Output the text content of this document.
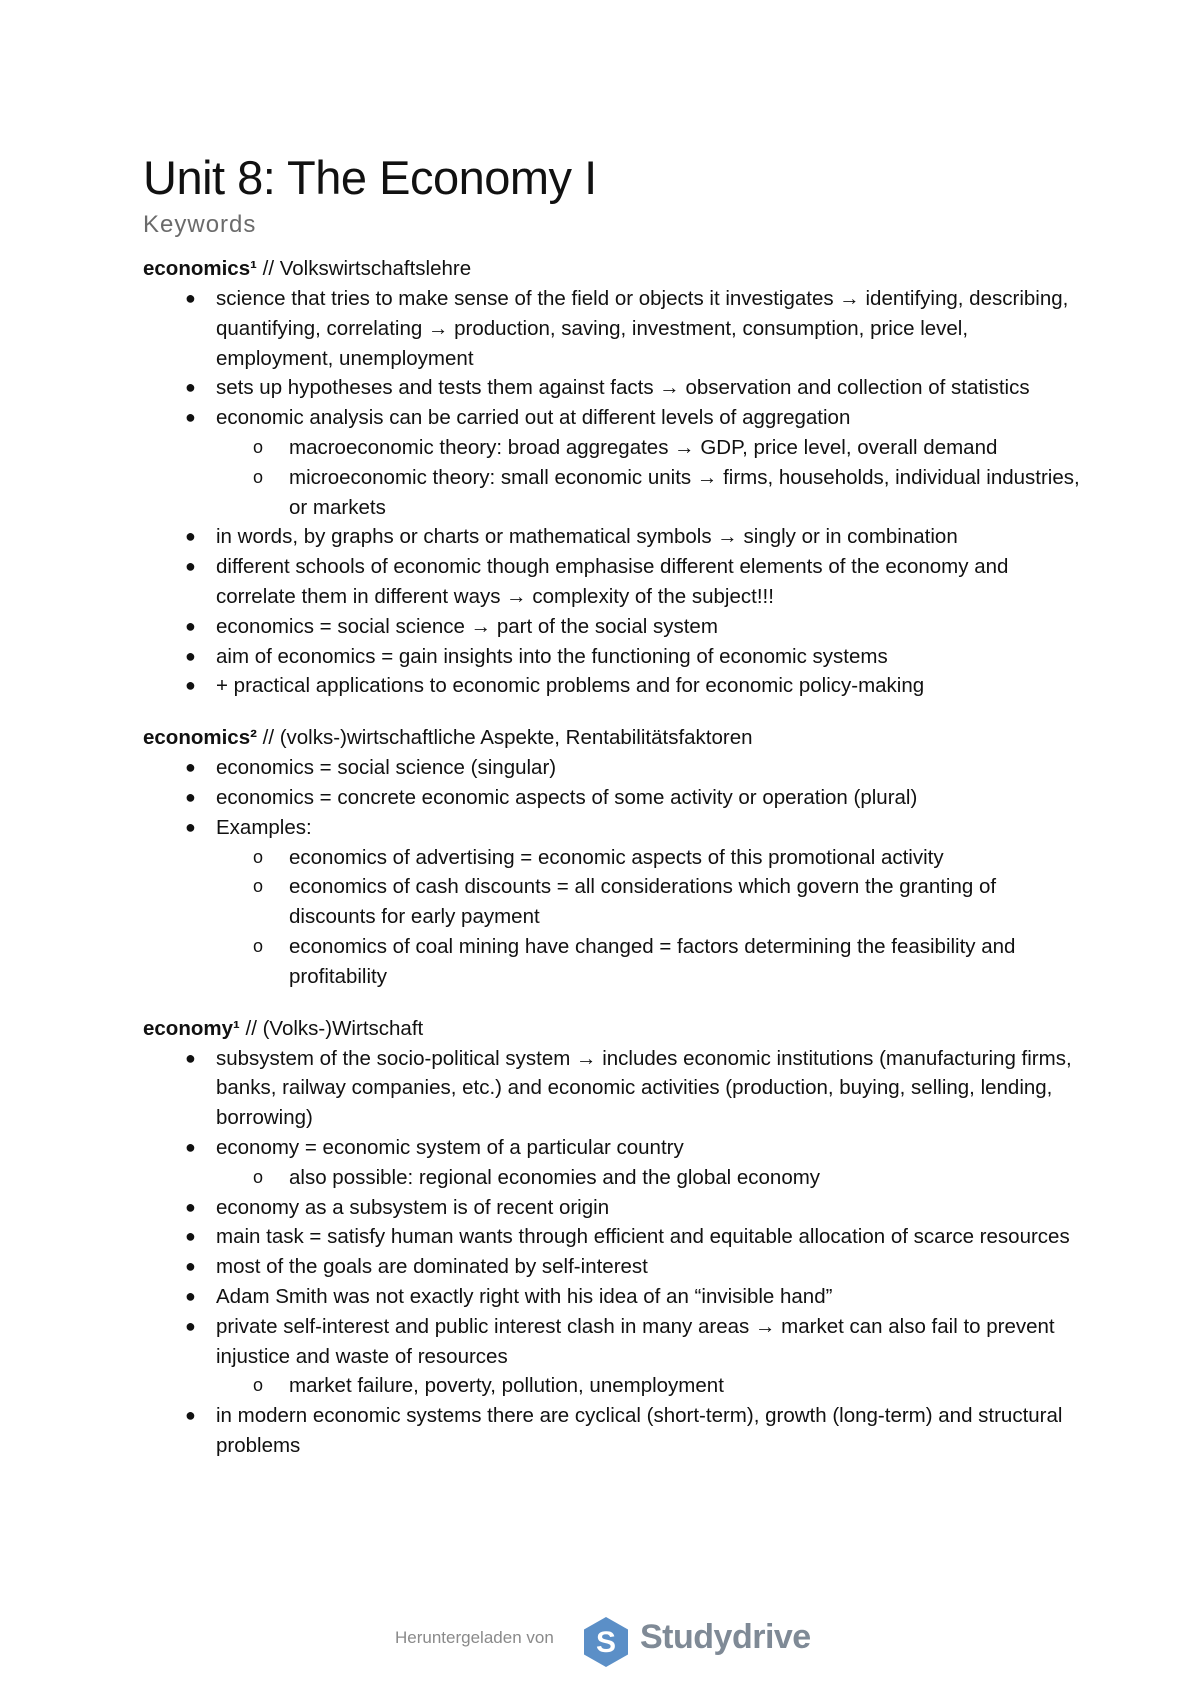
Unit 8: The Economy I
Keywords
economics¹ // Volkswirtschaftslehre
● science that tries to make sense of the field or objects it investigates → identifying, describing, quantifying, correlating → production, saving, investment, consumption, price level, employment, unemployment
● sets up hypotheses and tests them against facts → observation and collection of statistics
● economic analysis can be carried out at different levels of aggregation
o macroeconomic theory: broad aggregates → GDP, price level, overall demand
o microeconomic theory: small economic units → firms, households, individual industries, or markets
● in words, by graphs or charts or mathematical symbols → singly or in combination
● different schools of economic though emphasise different elements of the economy and correlate them in different ways → complexity of the subject!!!
● economics = social science → part of the social system
● aim of economics = gain insights into the functioning of economic systems
● + practical applications to economic problems and for economic policy-making
economics² // (volks-)wirtschaftliche Aspekte, Rentabilitätsfaktoren
● economics = social science (singular)
● economics = concrete economic aspects of some activity or operation (plural)
● Examples:
o economics of advertising = economic aspects of this promotional activity
o economics of cash discounts = all considerations which govern the granting of discounts for early payment
o economics of coal mining have changed = factors determining the feasibility and profitability
economy¹ // (Volks-)Wirtschaft
● subsystem of the socio-political system → includes economic institutions (manufacturing firms, banks, railway companies, etc.) and economic activities (production, buying, selling, lending, borrowing)
● economy = economic system of a particular country
o also possible: regional economies and the global economy
● economy as a subsystem is of recent origin
● main task = satisfy human wants through efficient and equitable allocation of scarce resources
● most of the goals are dominated by self-interest
● Adam Smith was not exactly right with his idea of an “invisible hand”
● private self-interest and public interest clash in many areas → market can also fail to prevent injustice and waste of resources
o market failure, poverty, pollution, unemployment
● in modern economic systems there are cyclical (short-term), growth (long-term) and structural problems
Heruntergeladen von S Studydrive
